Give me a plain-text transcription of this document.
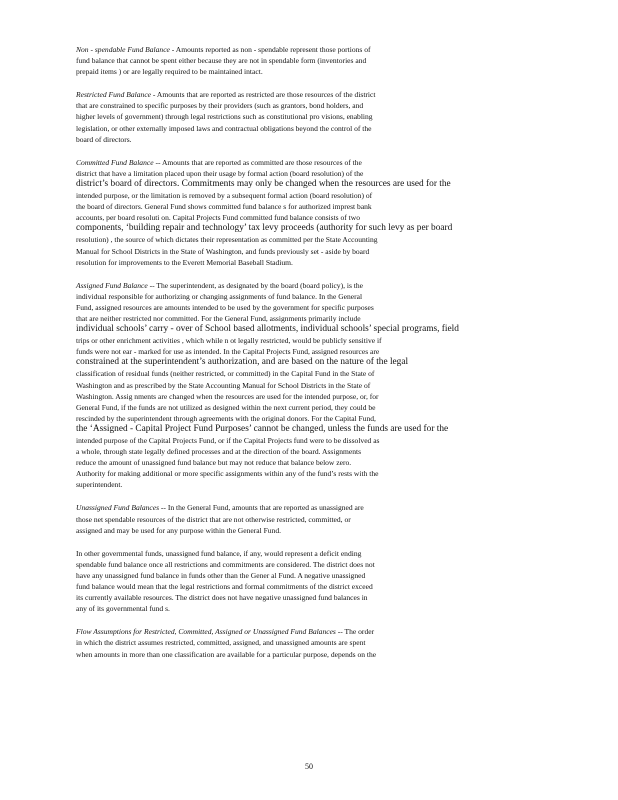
Non - spendable Fund Balance - Amounts reported as non - spendable represent those portions of
fund balance that cannot be spent either because they are not in spendable form (inventories and
prepaid items ) or are legally required to be maintained intact.
Restricted Fund Balance - Amounts that are reported as restricted are those resources of the district
that are constrained to specific purposes by their providers (such as grantors, bond holders, and
higher levels of government) through legal restrictions such as constitutional pro visions, enabling
legislation, or other externally imposed laws and contractual obligations beyond the control of the
board of directors.
Committed Fund Balance -- Amounts that are reported as committed are those resources of the
district that have a limitation placed upon their usage by formal action (board resolution) of the
district’s board of directors. Commitments may only be changed when the resources are used for the
intended purpose, or the limitation is removed by a subsequent formal action (board resolution) of
the board of directors. General Fund shows committed fund balance s for authorized imprest bank
accounts, per board resoluti on. Capital Projects Fund committed fund balance consists of two
components, ‘building repair and technology’ tax levy proceeds (authority for such levy as per board
resolution) , the source of which dictates their representation as committed per the State Accounting
Manual for School Districts in the State of Washington, and funds previously set - aside by board
resolution for improvements to the Everett Memorial Baseball Stadium.
Assigned Fund Balance -- The superintendent, as designated by the board (board policy), is the
individual responsible for authorizing or changing assignments of fund balance. In the General
Fund, assigned resources are amounts intended to be used by the government for specific purposes
that are neither restricted nor committed. For the General Fund, assignments primarily include
individual schools’ carry - over of School based allotments, individual schools’ special programs, field
trips or other enrichment activities , which while n ot legally restricted, would be publicly sensitive if
funds were not ear - marked for use as intended. In the Capital Projects Fund, assigned resources are
constrained at the superintendent’s authorization, and are based on the nature of the legal
classification of residual funds (neither restricted, or committed) in the Capital Fund in the State of
Washington and as prescribed by the State Accounting Manual for School Districts in the State of
Washington. Assig nments are changed when the resources are used for the intended purpose, or, for
General Fund, if the funds are not utilized as designed within the next current period, they could be
rescinded by the superintendent through agreements with the original donors. For the Capital Fund,
the ‘Assigned - Capital Project Fund Purposes’ cannot be changed, unless the funds are used for the
intended purpose of the Capital Projects Fund, or if the Capital Projects fund were to be dissolved as
a whole, through state legally defined processes and at the direction of the board. Assignments
reduce the amount of unassigned fund balance but may not reduce that balance below zero.
Authority for making additional or more specific assignments within any of the fund’s rests with the
superintendent.
Unassigned Fund Balances -- In the General Fund, amounts that are reported as unassigned are
those net spendable resources of the district that are not otherwise restricted, committed, or
assigned and may be used for any purpose within the General Fund.
In other governmental funds, unassigned fund balance, if any, would represent a deficit ending
spendable fund balance once all restrictions and commitments are considered. The district does not
have any unassigned fund balance in funds other than the Gener al Fund. A negative unassigned
fund balance would mean that the legal restrictions and formal commitments of the district exceed
its currently available resources. The district does not have negative unassigned fund balances in
any of its governmental fund s.
Flow Assumptions for Restricted, Committed, Assigned or Unassigned Fund Balances -- The order
in which the district assumes restricted, committed, assigned, and unassigned amounts are spent
when amounts in more than one classification are available for a particular purpose, depends on the
50
